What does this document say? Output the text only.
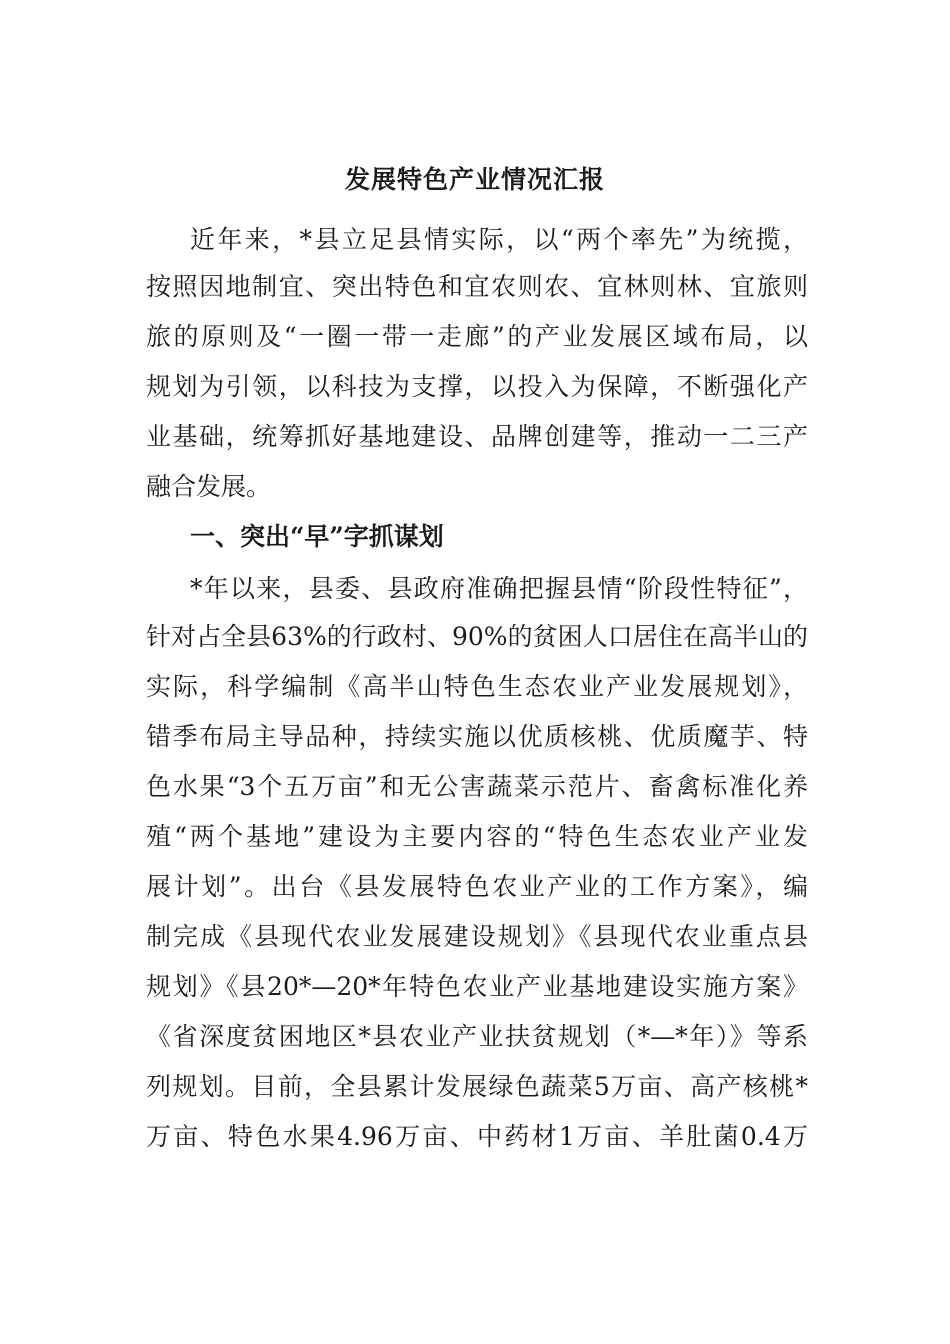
发展特色产业情况汇报
近年来，*县立足县情实际，以“两个率先”为统揽，
按照因地制宜、突出特色和宜农则农、宜林则林、宜旅则
旅的原则及“一圈一带一走廊”的产业发展区域布局，以
规划为引领，以科技为支撑，以投入为保障，不断强化产
业基础，统筹抓好基地建设、品牌创建等，推动一二三产
融合发展。
一、突出“早”字抓谋划
*年以来，县委、县政府准确把握县情“阶段性特征”，
针对占全县63%的行政村、90%的贫困人口居住在高半山的
实际，科学编制《高半山特色生态农业产业发展规划》，
错季布局主导品种，持续实施以优质核桃、优质魔芋、特
色水果“3个五万亩”和无公害蔬菜示范片、畜禽标准化养
殖“两个基地”建设为主要内容的“特色生态农业产业发
展计划”。出台《县发展特色农业产业的工作方案》，编
制完成《县现代农业发展建设规划》《县现代农业重点县
规划》《县20*—20*年特色农业产业基地建设实施方案》
《省深度贫困地区*县农业产业扶贫规划（*—*年）》等系
列规划。目前，全县累计发展绿色蔬菜5万亩、高产核桃*
万亩、特色水果4.96万亩、中药材1万亩、羊肚菌0.4万
